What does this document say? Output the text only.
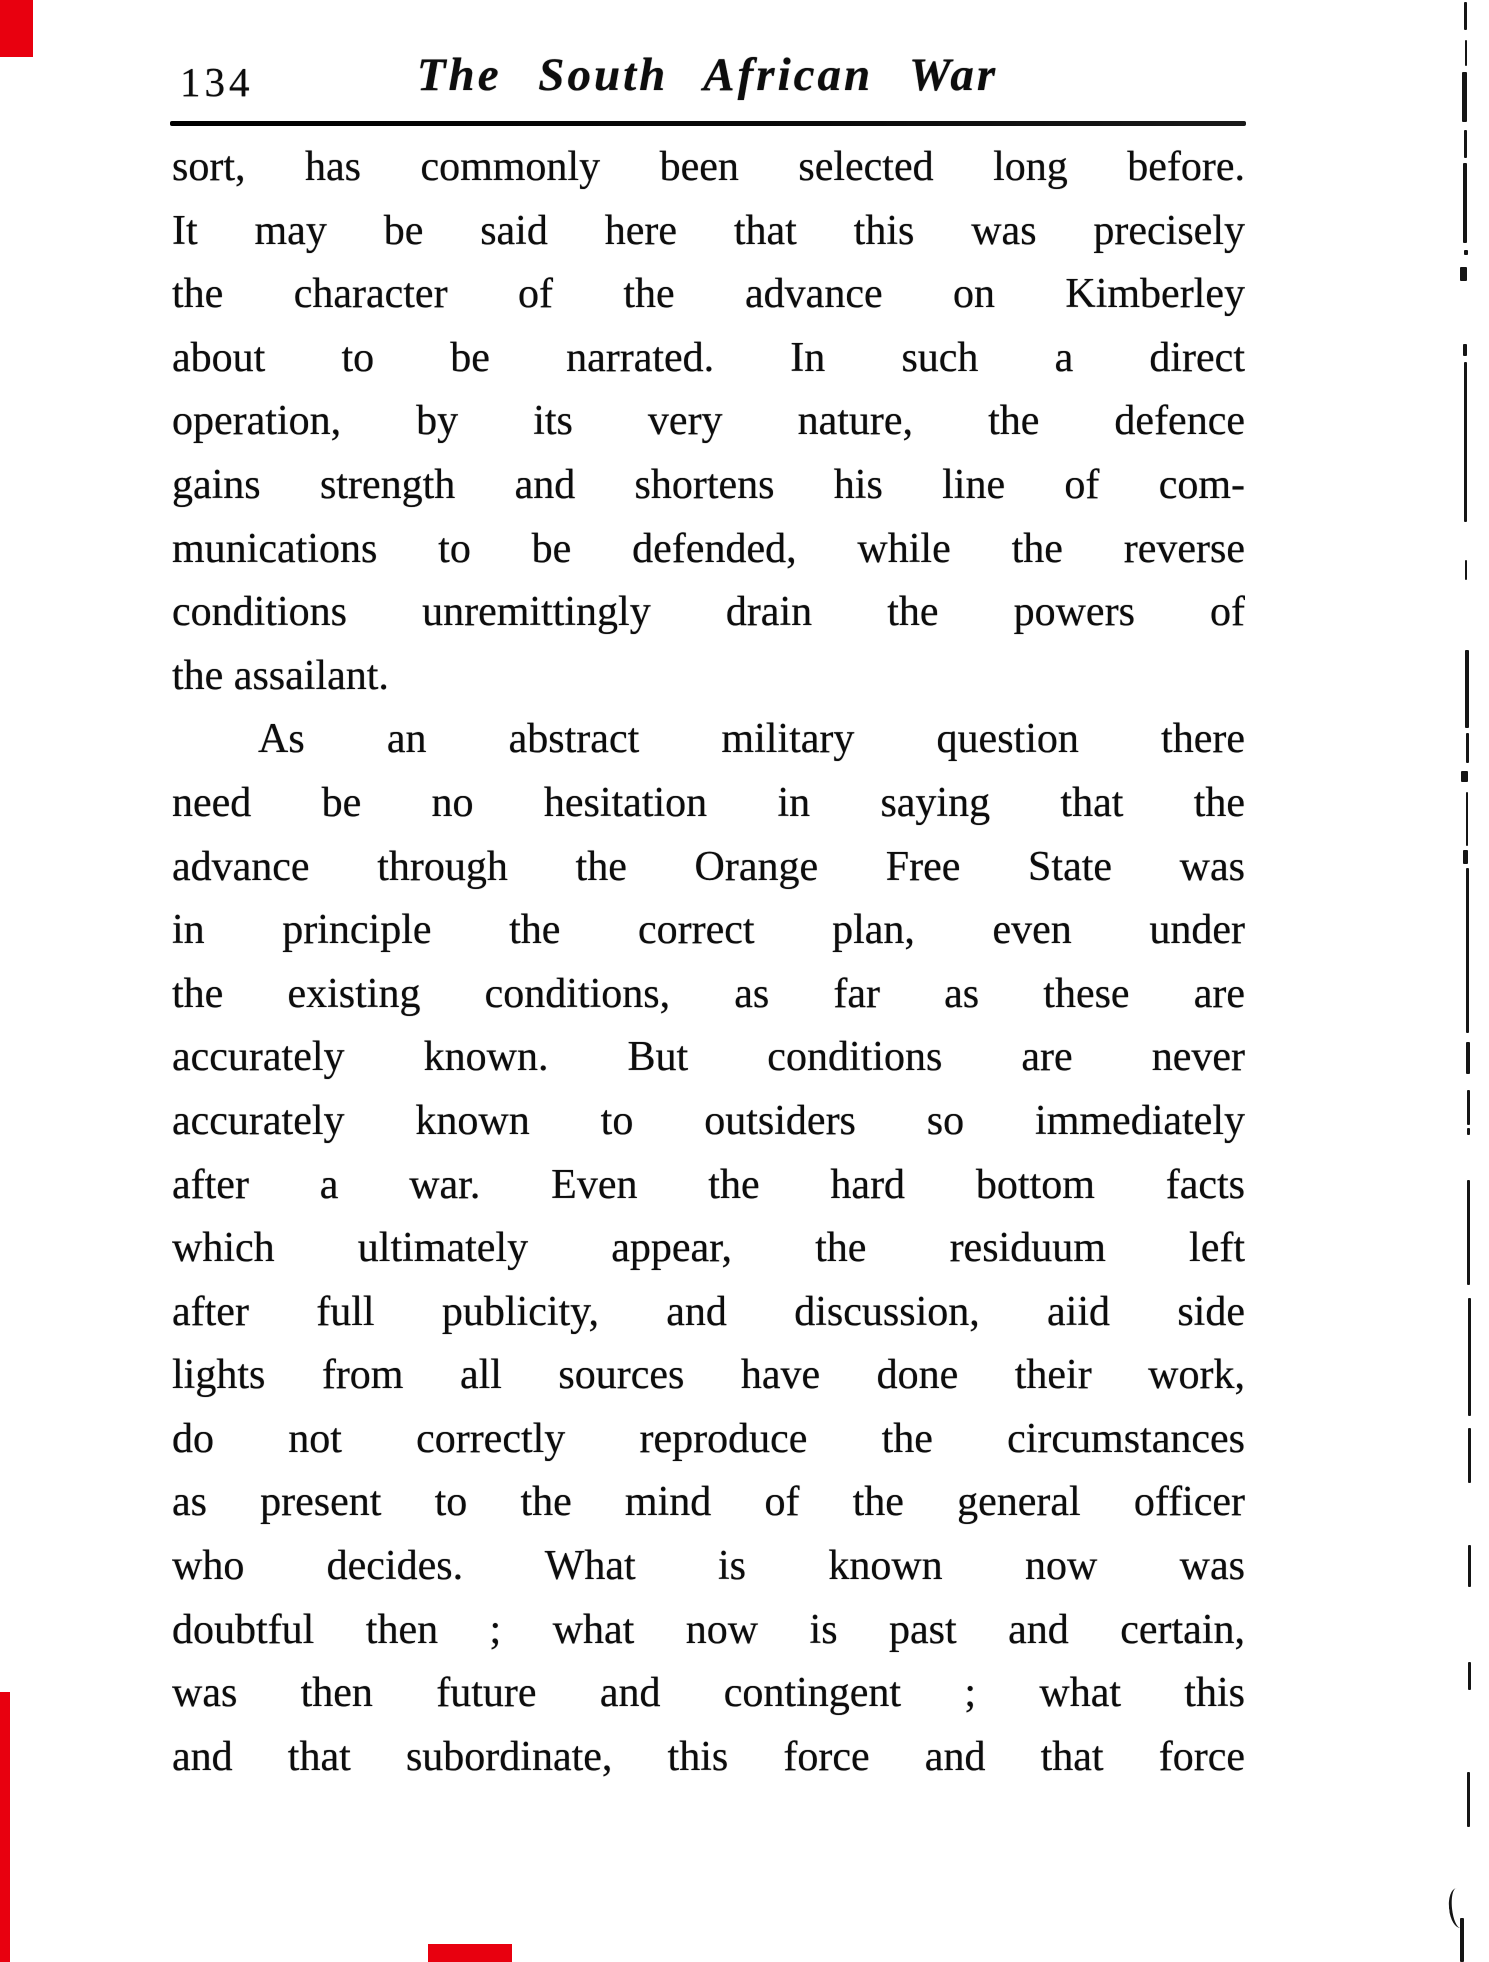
134	The South African War
sort, has commonly been selected long before.
It may be said here that this was precisely
the character of the advance on Kimberley
about to be narrated. In such a direct
operation, by its very nature, the defence
gains strength and shortens his line of com-
munications to be defended, while the reverse
conditions unremittingly drain the powers of
the assailant.
As an abstract military question there
need be no hesitation in saying that the
advance through the Orange Free State was
in principle the correct plan, even under
the existing conditions, as far as these are
accurately known. But conditions are never
accurately known to outsiders so immediately
after a war. Even the hard bottom facts
which ultimately appear, the residuum left
after full publicity, and discussion, aiid side
lights from all sources have done their work,
do not correctly reproduce the circumstances
as present to the mind of the general officer
who decides. What is known now was
doubtful then ; what now is past and certain,
was then future and contingent ; what this
and that subordinate, this force and that force
